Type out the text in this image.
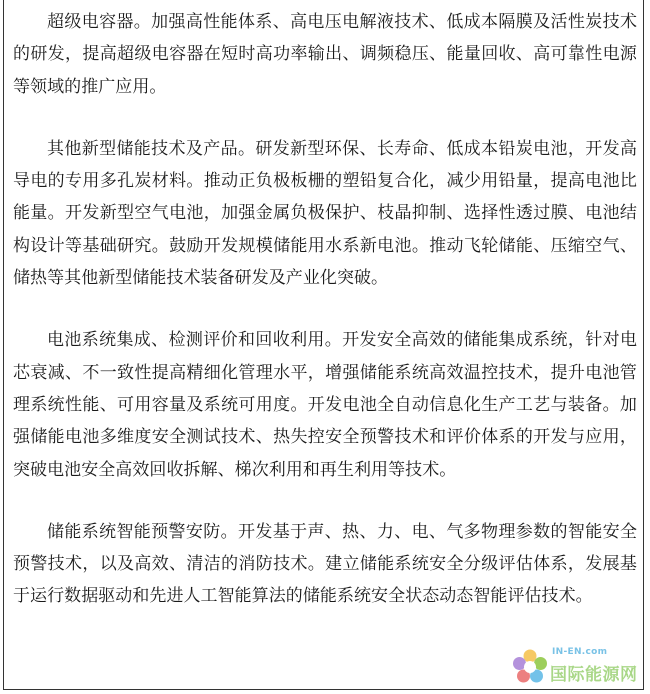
超级电容器。加强高性能体系、高电压电解液技术、低成本隔膜及活性炭技术的研发，提高超级电容器在短时高功率输出、调频稳压、能量回收、高可靠性电源等领域的推广应用。

其他新型储能技术及产品。研发新型环保、长寿命、低成本铅炭电池，开发高导电的专用多孔炭材料。推动正负极板栅的塑铅复合化，减少用铅量，提高电池比能量。开发新型空气电池，加强金属负极保护、枝晶抑制、选择性透过膜、电池结构设计等基础研究。鼓励开发规模储能用水系新电池。推动飞轮储能、压缩空气、储热等其他新型储能技术装备研发及产业化突破。

电池系统集成、检测评价和回收利用。开发安全高效的储能集成系统，针对电芯衰减、不一致性提高精细化管理水平，增强储能系统高效温控技术，提升电池管理系统性能、可用容量及系统可用度。开发电池全自动信息化生产工艺与装备。加强储能电池多维度安全测试技术、热失控安全预警技术和评价体系的开发与应用，突破电池安全高效回收拆解、梯次利用和再生利用等技术。

储能系统智能预警安防。开发基于声、热、力、电、气多物理参数的智能安全预警技术，以及高效、清洁的消防技术。建立储能系统安全分级评估体系，发展基于运行数据驱动和先进人工智能算法的储能系统安全状态动态智能评估技术。

IN-EN.com
国际能源网
